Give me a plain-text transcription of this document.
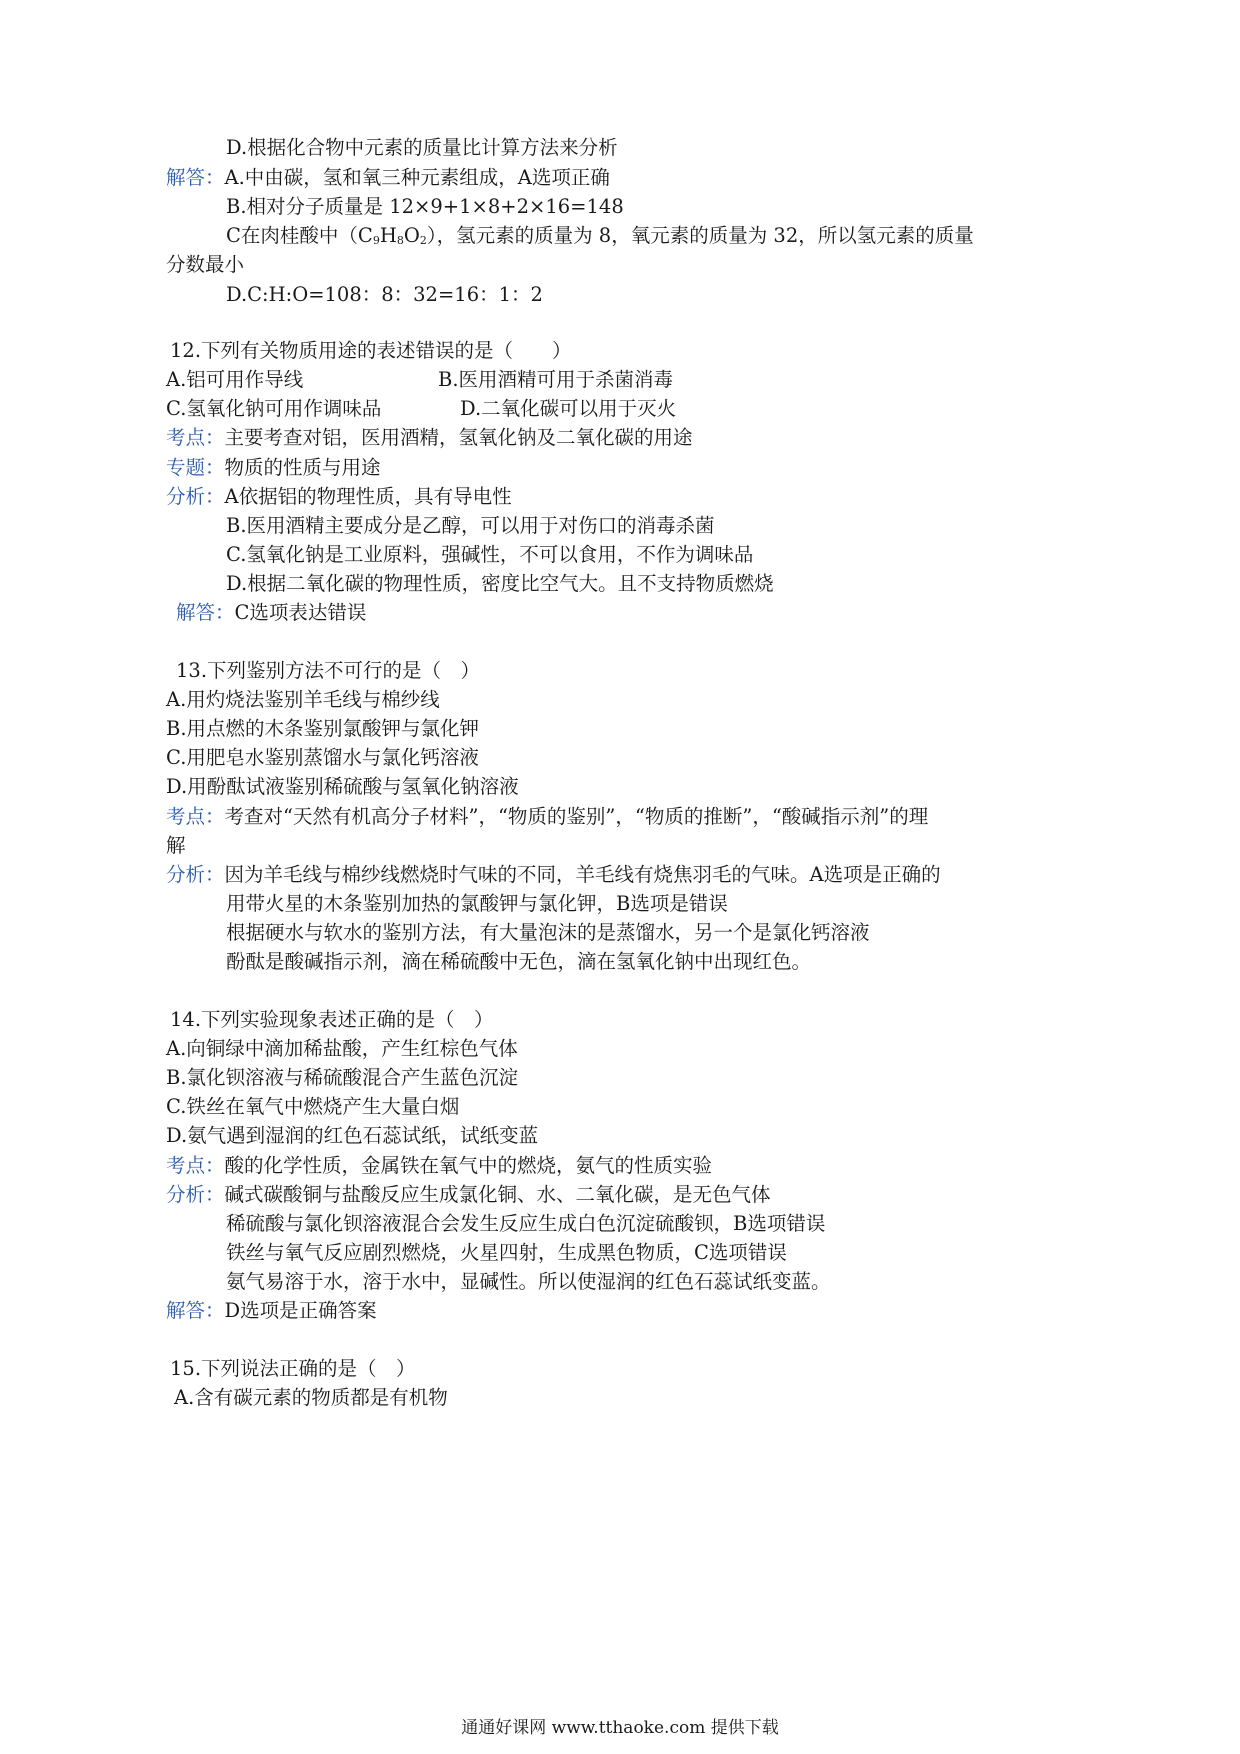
D.根据化合物中元素的质量比计算方法来分析
解答：A.中由碳，氢和氧三种元素组成，A选项正确
B.相对分子质量是 12×9+1×8+2×16=148
C在肉桂酸中（C9H8O2），氢元素的质量为 8，氧元素的质量为 32，所以氢元素的质量
分数最小
D.C:H:O=108：8：32=16：1：2
12.下列有关物质用途的表述错误的是（　　）
A.铝可用作导线	B.医用酒精可用于杀菌消毒
C.氢氧化钠可用作调味品	D.二氧化碳可以用于灭火
考点：主要考查对铝，医用酒精，氢氧化钠及二氧化碳的用途
专题：物质的性质与用途
分析：A依据铝的物理性质，具有导电性
B.医用酒精主要成分是乙醇，可以用于对伤口的消毒杀菌
C.氢氧化钠是工业原料，强碱性，不可以食用，不作为调味品
D.根据二氧化碳的物理性质，密度比空气大。且不支持物质燃烧
解答：C选项表达错误
13.下列鉴别方法不可行的是（　）
A.用灼烧法鉴别羊毛线与棉纱线
B.用点燃的木条鉴别氯酸钾与氯化钾
C.用肥皂水鉴别蒸馏水与氯化钙溶液
D.用酚酞试液鉴别稀硫酸与氢氧化钠溶液
考点：考查对“天然有机高分子材料”，“物质的鉴别”，“物质的推断”，“酸碱指示剂”的理
解
分析：因为羊毛线与棉纱线燃烧时气味的不同，羊毛线有烧焦羽毛的气味。A选项是正确的
用带火星的木条鉴别加热的氯酸钾与氯化钾，B选项是错误
根据硬水与软水的鉴别方法，有大量泡沫的是蒸馏水，另一个是氯化钙溶液
酚酞是酸碱指示剂，滴在稀硫酸中无色，滴在氢氧化钠中出现红色。
14.下列实验现象表述正确的是（　）
A.向铜绿中滴加稀盐酸，产生红棕色气体
B.氯化钡溶液与稀硫酸混合产生蓝色沉淀
C.铁丝在氧气中燃烧产生大量白烟
D.氨气遇到湿润的红色石蕊试纸，试纸变蓝
考点：酸的化学性质，金属铁在氧气中的燃烧，氨气的性质实验
分析：碱式碳酸铜与盐酸反应生成氯化铜、水、二氧化碳，是无色气体
稀硫酸与氯化钡溶液混合会发生反应生成白色沉淀硫酸钡，B选项错误
铁丝与氧气反应剧烈燃烧，火星四射，生成黑色物质，C选项错误
氨气易溶于水，溶于水中，显碱性。所以使湿润的红色石蕊试纸变蓝。
解答：D选项是正确答案
15.下列说法正确的是（　）
A.含有碳元素的物质都是有机物
通通好课网 www.tthaoke.com 提供下载
